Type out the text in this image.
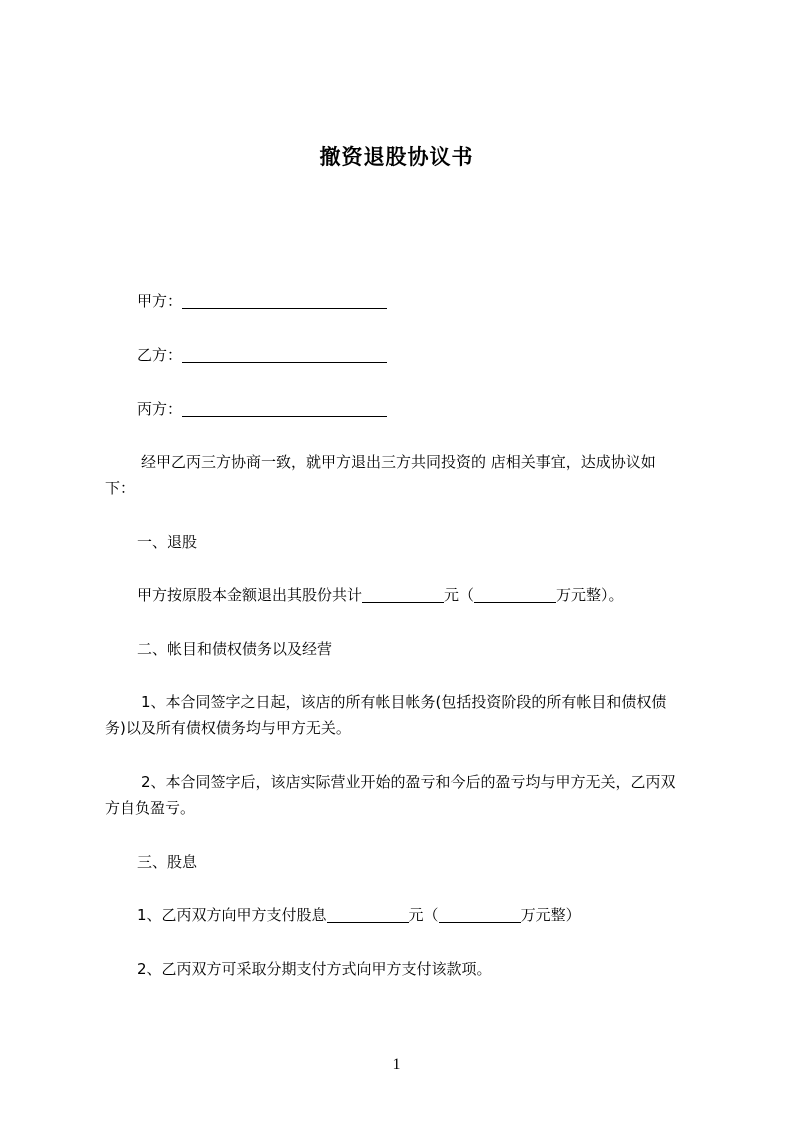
撤资退股协议书
甲方：
乙方：
丙方：
经甲乙丙三方协商一致，就甲方退出三方共同投资的 店相关事宜，达成协议如
下：
一、退股
甲方按原股本金额退出其股份共计	元（	万元整）。
二、帐目和债权债务以及经营
1、本合同签字之日起，该店的所有帐目帐务(包括投资阶段的所有帐目和债权债
务)以及所有债权债务均与甲方无关。
2、本合同签字后，该店实际营业开始的盈亏和今后的盈亏均与甲方无关，乙丙双
方自负盈亏。
三、股息
1、乙丙双方向甲方支付股息	元（	万元整）
2、乙丙双方可采取分期支付方式向甲方支付该款项。
1
